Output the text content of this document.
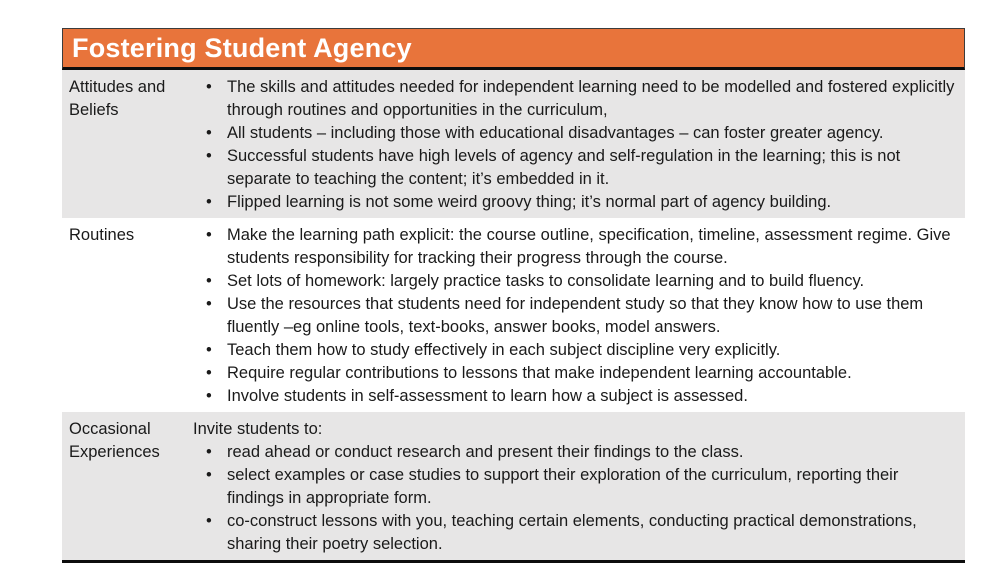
Fostering Student Agency
Attitudes and Beliefs
• The skills and attitudes needed for independent learning need to be modelled and fostered explicitly through routines and opportunities in the curriculum,
• All students – including those with educational disadvantages – can foster greater agency.
• Successful students have high levels of agency and self-regulation in the learning; this is not separate to teaching the content; it’s embedded in it.
• Flipped learning is not some weird groovy thing; it’s normal part of agency building.
Routines	• Make the learning path explicit: the course outline, specification, timeline, assessment regime. Give students responsibility for tracking their progress through the course.
• Set lots of homework: largely practice tasks to consolidate learning and to build fluency.
• Use the resources that students need for independent study so that they know how to use them fluently –eg online tools, text-books, answer books, model answers.
• Teach them how to study effectively in each subject discipline very explicitly.
• Require regular contributions to lessons that make independent learning accountable.
• Involve students in self-assessment to learn how a subject is assessed.
Occasional Experiences
Invite students to:
• read ahead or conduct research and present their findings to the class.
• select examples or case studies to support their exploration of the curriculum, reporting their findings in appropriate form.
• co-construct lessons with you, teaching certain elements, conducting practical demonstrations, sharing their poetry selection.
